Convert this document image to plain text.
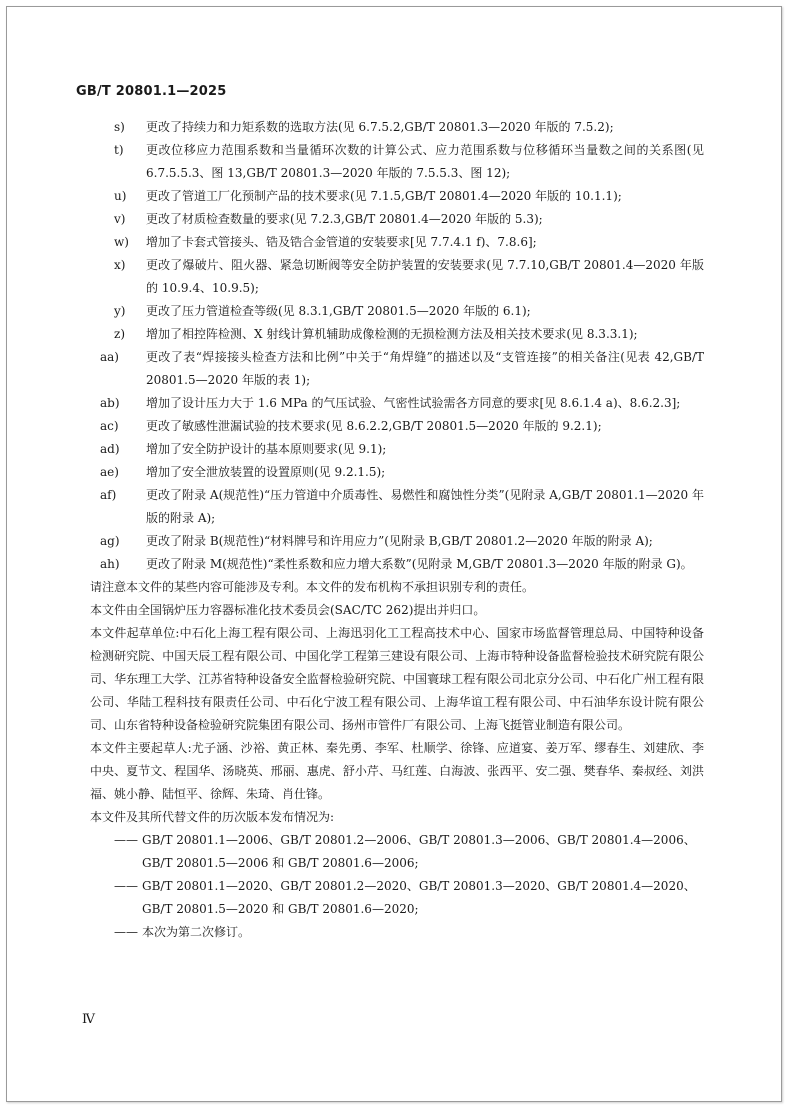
GB/T 20801.1—2025
s) 更改了持续力和力矩系数的选取方法(见 6.7.5.2,GB/T 20801.3—2020 年版的 7.5.2);
t) 更改位移应力范围系数和当量循环次数的计算公式、应力范围系数与位移循环当量数之间的关系图(见 6.7.5.5.3、图 13,GB/T 20801.3—2020 年版的 7.5.5.3、图 12);
u) 更改了管道工厂化预制产品的技术要求(见 7.1.5,GB/T 20801.4—2020 年版的 10.1.1);
v) 更改了材质检查数量的要求(见 7.2.3,GB/T 20801.4—2020 年版的 5.3);
w) 增加了卡套式管接头、锆及锆合金管道的安装要求[见 7.7.4.1 f)、7.8.6];
x) 更改了爆破片、阻火器、紧急切断阀等安全防护装置的安装要求(见 7.7.10,GB/T 20801.4—2020 年版的 10.9.4、10.9.5);
y) 更改了压力管道检查等级(见 8.3.1,GB/T 20801.5—2020 年版的 6.1);
z) 增加了相控阵检测、X 射线计算机辅助成像检测的无损检测方法及相关技术要求(见 8.3.3.1);
aa) 更改了表“焊接接头检查方法和比例”中关于“角焊缝”的描述以及“支管连接”的相关备注(见表 42,GB/T 20801.5—2020 年版的表 1);
ab) 增加了设计压力大于 1.6 MPa 的气压试验、气密性试验需各方同意的要求[见 8.6.1.4 a)、8.6.2.3];
ac) 更改了敏感性泄漏试验的技术要求(见 8.6.2.2,GB/T 20801.5—2020 年版的 9.2.1);
ad) 增加了安全防护设计的基本原则要求(见 9.1);
ae) 增加了安全泄放装置的设置原则(见 9.2.1.5);
af) 更改了附录 A(规范性)“压力管道中介质毒性、易燃性和腐蚀性分类”(见附录 A,GB/T 20801.1—2020 年版的附录 A);
ag) 更改了附录 B(规范性)“材料牌号和许用应力”(见附录 B,GB/T 20801.2—2020 年版的附录 A);
ah) 更改了附录 M(规范性)“柔性系数和应力增大系数”(见附录 M,GB/T 20801.3—2020 年版的附录 G)。
请注意本文件的某些内容可能涉及专利。本文件的发布机构不承担识别专利的责任。
本文件由全国锅炉压力容器标准化技术委员会(SAC/TC 262)提出并归口。
本文件起草单位:中石化上海工程有限公司、上海迅羽化工工程高技术中心、国家市场监督管理总局、中国特种设备检测研究院、中国天辰工程有限公司、中国化学工程第三建设有限公司、上海市特种设备监督检验技术研究院有限公司、华东理工大学、江苏省特种设备安全监督检验研究院、中国寰球工程有限公司北京分公司、中石化广州工程有限公司、华陆工程科技有限责任公司、中石化宁波工程有限公司、上海华谊工程有限公司、中石油华东设计院有限公司、山东省特种设备检验研究院集团有限公司、扬州市管件厂有限公司、上海飞挺管业制造有限公司。
本文件主要起草人:尤子涵、沙裕、黄正林、秦先勇、李军、杜顺学、徐锋、应道宴、姜万军、缪春生、刘建欣、李中央、夏节文、程国华、汤晓英、邢丽、惠虎、舒小芹、马红莲、白海波、张西平、安二强、樊春华、秦叔经、刘洪福、姚小静、陆恒平、徐辉、朱琦、肖仕锋。
本文件及其所代替文件的历次版本发布情况为:
—— GB/T 20801.1—2006、GB/T 20801.2—2006、GB/T 20801.3—2006、GB/T 20801.4—2006、GB/T 20801.5—2006 和 GB/T 20801.6—2006;
—— GB/T 20801.1—2020、GB/T 20801.2—2020、GB/T 20801.3—2020、GB/T 20801.4—2020、GB/T 20801.5—2020 和 GB/T 20801.6—2020;
—— 本次为第二次修订。
Ⅳ
